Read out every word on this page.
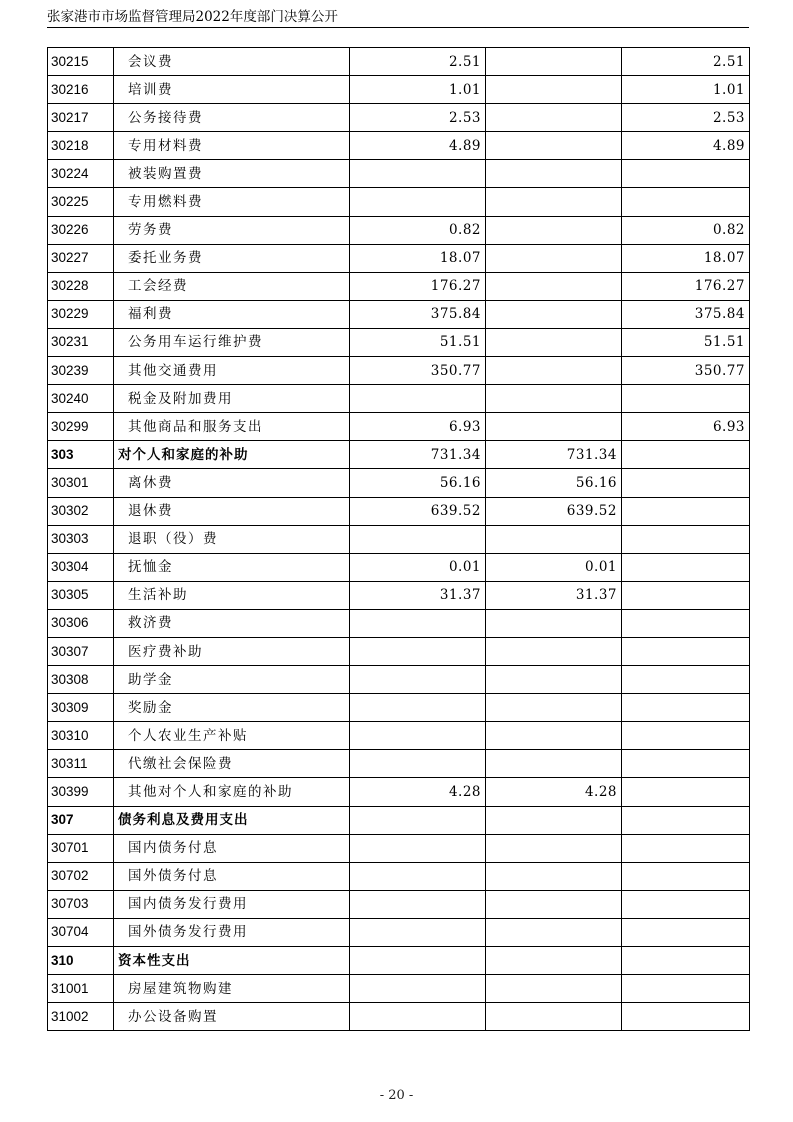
张家港市市场监督管理局2022年度部门决算公开
30215	会议费	2.51		2.51
30216	培训费	1.01		1.01
30217	公务接待费	2.53		2.53
30218	专用材料费	4.89		4.89
30224	被装购置费			
30225	专用燃料费			
30226	劳务费	0.82		0.82
30227	委托业务费	18.07		18.07
30228	工会经费	176.27		176.27
30229	福利费	375.84		375.84
30231	公务用车运行维护费	51.51		51.51
30239	其他交通费用	350.77		350.77
30240	税金及附加费用			
30299	其他商品和服务支出	6.93		6.93
303	对个人和家庭的补助	731.34	731.34	
30301	离休费	56.16	56.16	
30302	退休费	639.52	639.52	
30303	退职（役）费			
30304	抚恤金	0.01	0.01	
30305	生活补助	31.37	31.37	
30306	救济费			
30307	医疗费补助			
30308	助学金			
30309	奖励金			
30310	个人农业生产补贴			
30311	代缴社会保险费			
30399	其他对个人和家庭的补助	4.28	4.28	
307	债务利息及费用支出			
30701	国内债务付息			
30702	国外债务付息			
30703	国内债务发行费用			
30704	国外债务发行费用			
310	资本性支出			
31001	房屋建筑物购建			
31002	办公设备购置			
- 20 -
